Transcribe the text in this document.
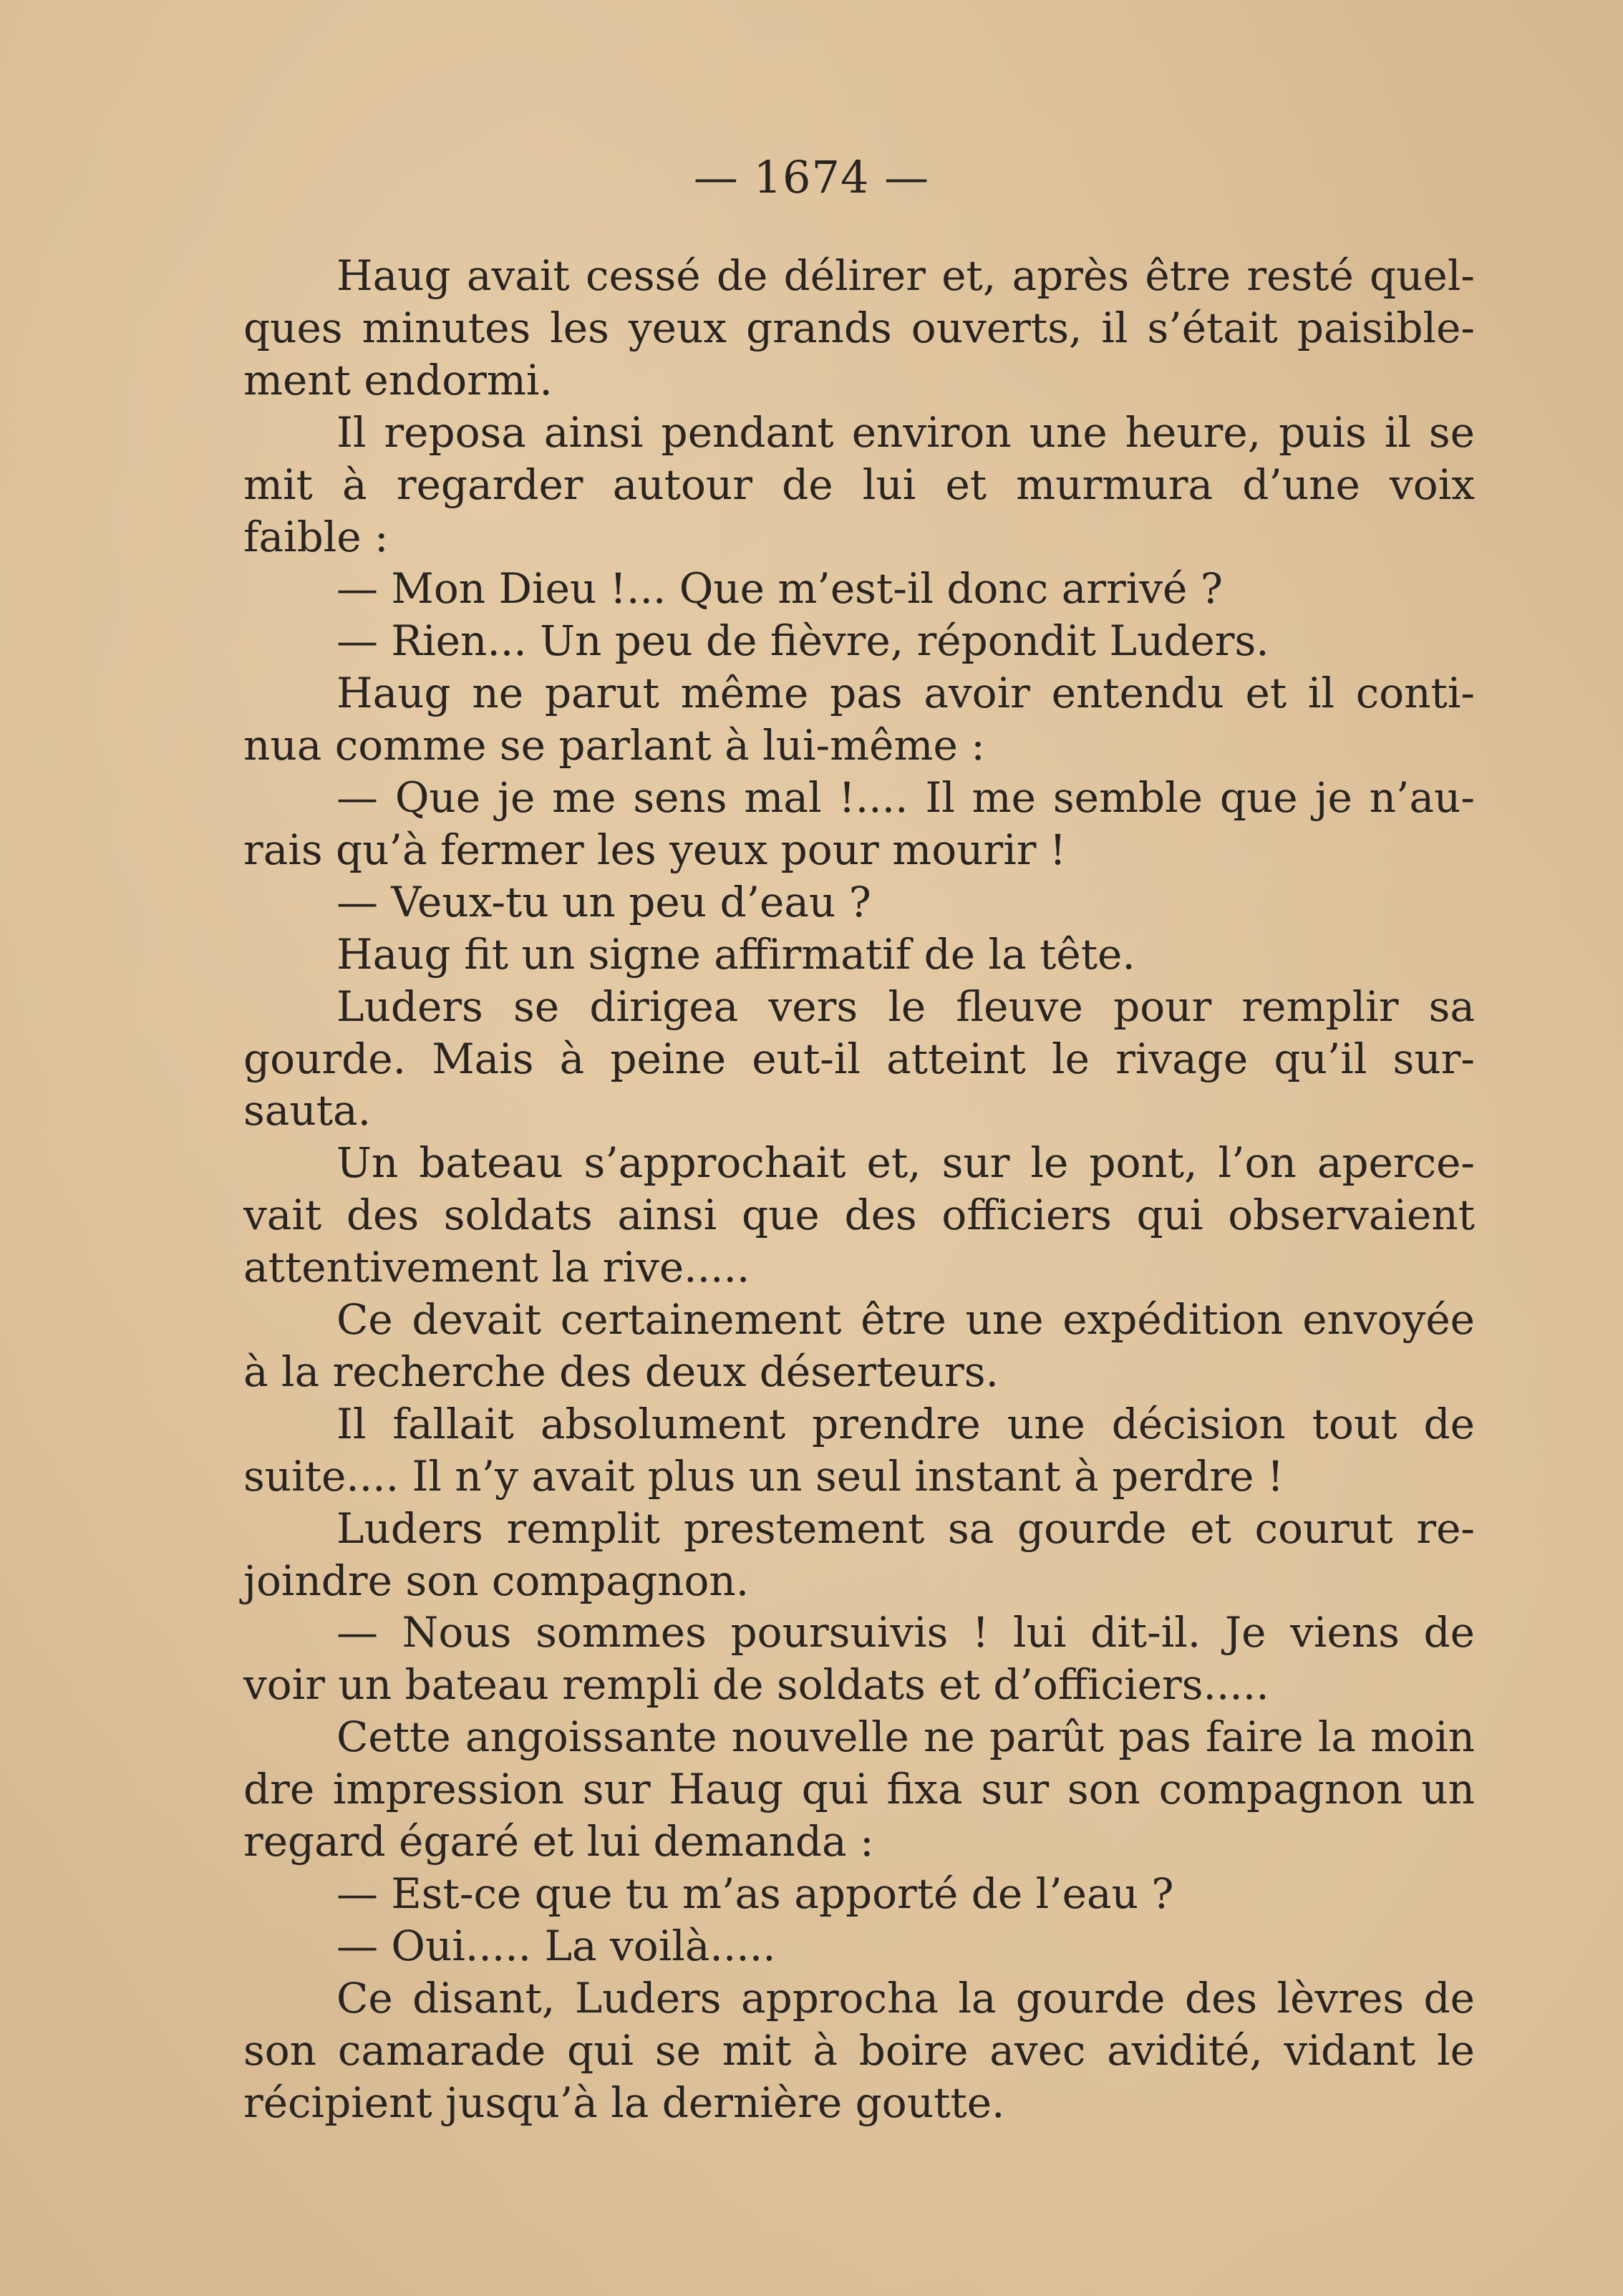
— 1674 —
Haug avait cessé de délirer et, après être resté quel-
ques minutes les yeux grands ouverts, il s’était paisible-
ment endormi.
Il reposa ainsi pendant environ une heure, puis il se
mit à regarder autour de lui et murmura d’une voix
faible :
— Mon Dieu !... Que m’est-il donc arrivé ?
— Rien... Un peu de fièvre, répondit Luders.
Haug ne parut même pas avoir entendu et il conti-
nua comme se parlant à lui-même :
— Que je me sens mal !.... Il me semble que je n’au-
rais qu’à fermer les yeux pour mourir !
— Veux-tu un peu d’eau ?
Haug fit un signe affirmatif de la tête.
Luders se dirigea vers le fleuve pour remplir sa
gourde. Mais à peine eut-il atteint le rivage qu’il sur-
sauta.
Un bateau s’approchait et, sur le pont, l’on aperce-
vait des soldats ainsi que des officiers qui observaient
attentivement la rive.....
Ce devait certainement être une expédition envoyée
à la recherche des deux déserteurs.
Il fallait absolument prendre une décision tout de
suite.... Il n’y avait plus un seul instant à perdre !
Luders remplit prestement sa gourde et courut re-
joindre son compagnon.
— Nous sommes poursuivis ! lui dit-il. Je viens de
voir un bateau rempli de soldats et d’officiers.....
Cette angoissante nouvelle ne parût pas faire la moin
dre impression sur Haug qui fixa sur son compagnon un
regard égaré et lui demanda :
— Est-ce que tu m’as apporté de l’eau ?
— Oui..... La voilà.....
Ce disant, Luders approcha la gourde des lèvres de
son camarade qui se mit à boire avec avidité, vidant le
récipient jusqu’à la dernière goutte.
